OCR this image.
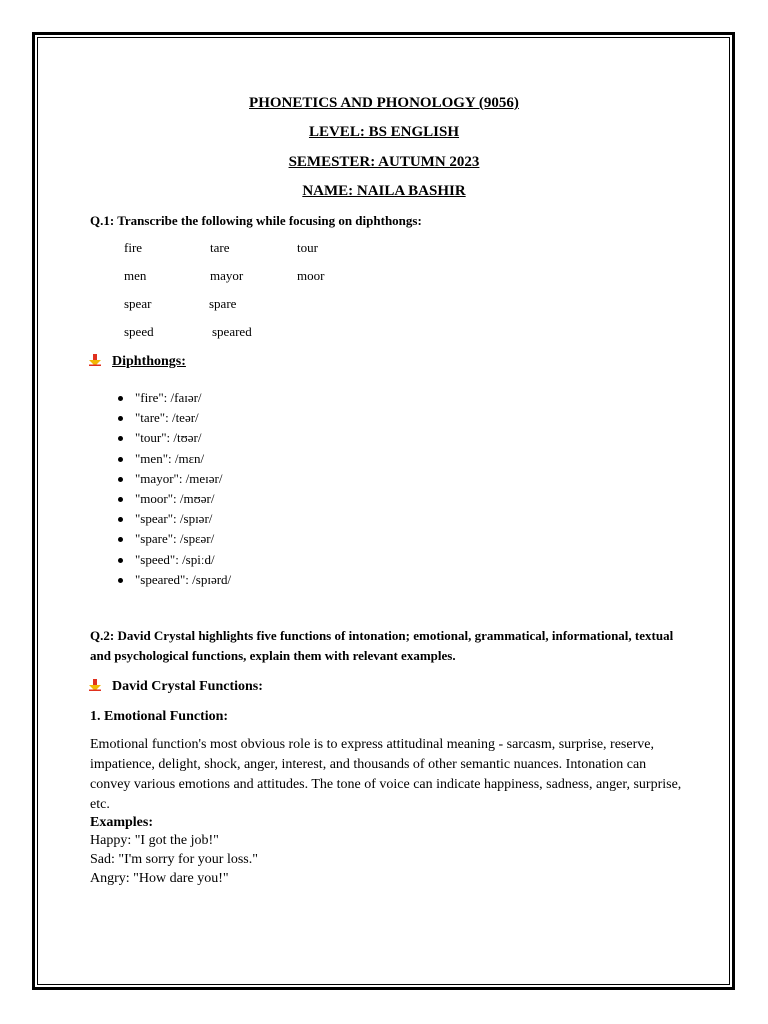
PHONETICS AND PHONOLOGY (9056)
LEVEL: BS ENGLISH
SEMESTER: AUTUMN 2023
NAME: NAILA BASHIR
Q.1: Transcribe the following while focusing on diphthongs:
fire	tare	tour
men	mayor	moor
spear	spare
speed	speared
Diphthongs:
"fire": /faɪər/
"tare": /teər/
"tour": /tʊər/
"men": /mɛn/
"mayor": /meɪər/
"moor": /mʊər/
"spear": /spɪər/
"spare": /spɛər/
"speed": /spiːd/
"speared": /spɪərd/
Q.2: David Crystal highlights five functions of intonation; emotional, grammatical, informational, textual and psychological functions, explain them with relevant examples.
David Crystal Functions:
1. Emotional Function:
Emotional function's most obvious role is to express attitudinal meaning - sarcasm, surprise, reserve, impatience, delight, shock, anger, interest, and thousands of other semantic nuances. Intonation can convey various emotions and attitudes. The tone of voice can indicate happiness, sadness, anger, surprise, etc.
Examples:
Happy: "I got the job!"
Sad: "I'm sorry for your loss."
Angry: "How dare you!"
